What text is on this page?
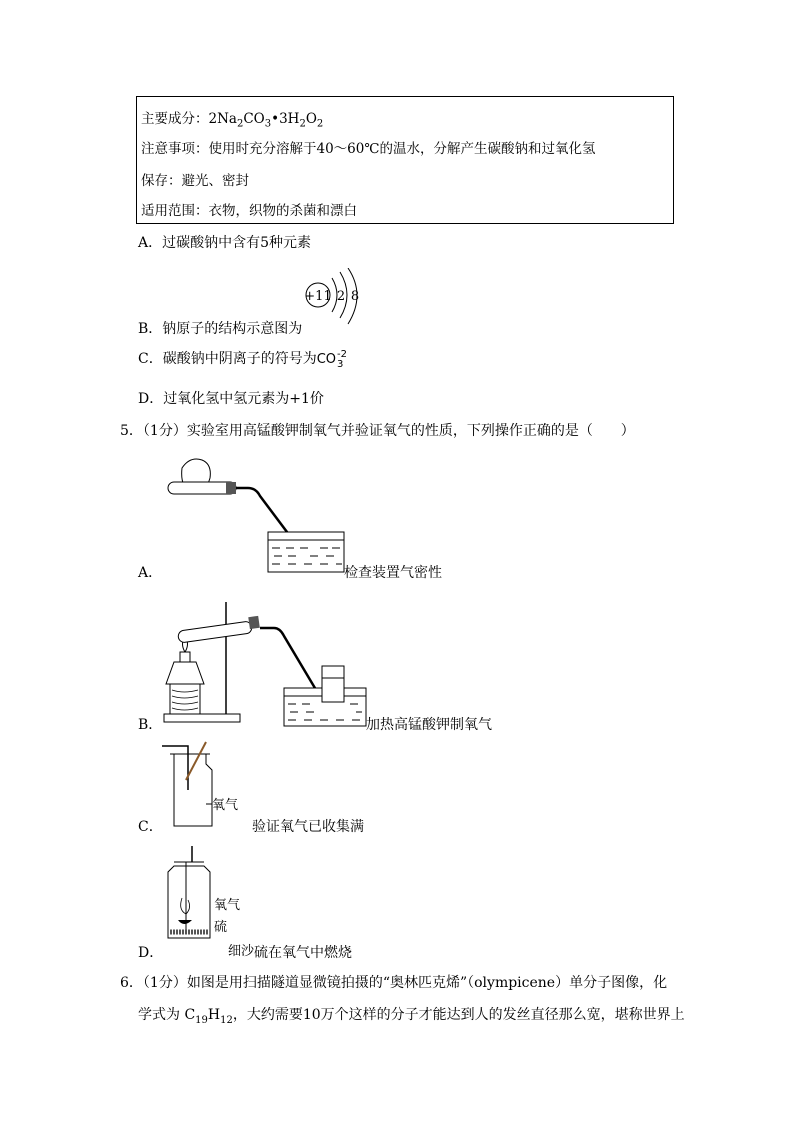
主要成分：$2Na_2CO_3•3H_2O_2$
注意事项：使用时充分溶解于40～60℃的温水，分解产生碳酸钠和过氧化氢
保存：避光、密封
适用范围：衣物，织物的杀菌和漂白
A．过碳酸钠中含有5种元素
+11 2 8
B．钠原子的结构示意图为
C．碳酸钠中阴离子的符号为CO -2
3
D．过氧化氢中氢元素为+1价
5．（1分）实验室用高锰酸钾制氧气并验证氧气的性质，下列操作正确的是（　　）
A．	检查装置气密性
B．	加热高锰酸钾制氧气
氧气
C．	验证氧气已收集满
氧气
硫
细沙
D．	硫在氧气中燃烧
6．（1分）如图是用扫描隧道显微镜拍摄的“奥林匹克烯”（olympicene）单分子图像，化
学式为 $C_{19}H_{12}$，大约需要10万个这样的分子才能达到人的发丝直径那么宽，堪称世界上
